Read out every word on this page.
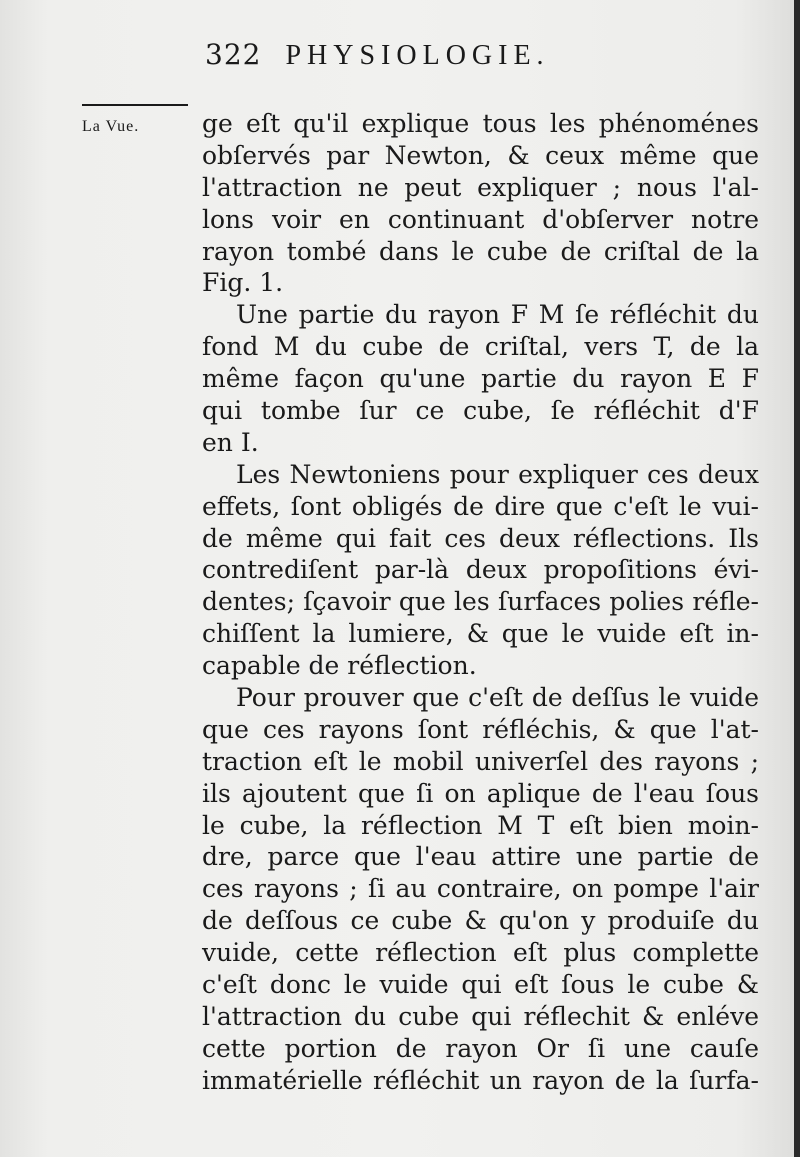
322 PHYSIOLOGIE.
La Vue.	ge eſt qu'il explique tous les phénoménes
obſervés par Newton, & ceux même que
l'attraction ne peut expliquer ; nous l'al-
lons voir en continuant d'obſerver notre
rayon tombé dans le cube de criſtal de la
Fig. 1.
Une partie du rayon F M ſe réfléchit du
fond M du cube de criſtal, vers T, de la
même façon qu'une partie du rayon E F
qui tombe ſur ce cube, ſe réfléchit d'F
en I.
Les Newtoniens pour expliquer ces deux
effets, ſont obligés de dire que c'eſt le vui-
de même qui fait ces deux réflections. Ils
contrediſent par-là deux propoſitions évi-
dentes; ſçavoir que les ſurfaces polies réfle-
chiſſent la lumiere, & que le vuide eſt in-
capable de réflection.
Pour prouver que c'eſt de deſſus le vuide
que ces rayons ſont réfléchis, & que l'at-
traction eſt le mobil univerſel des rayons ;
ils ajoutent que ſi on aplique de l'eau ſous
le cube, la réflection M T eſt bien moin-
dre, parce que l'eau attire une partie de
ces rayons ; ſi au contraire, on pompe l'air
de deſſous ce cube & qu'on y produiſe du
vuide, cette réflection eſt plus complette
c'eſt donc le vuide qui eſt ſous le cube &
l'attraction du cube qui réflechit & enléve
cette portion de rayon Or ſi une cauſe
immatérielle réfléchit un rayon de la ſurfa-
